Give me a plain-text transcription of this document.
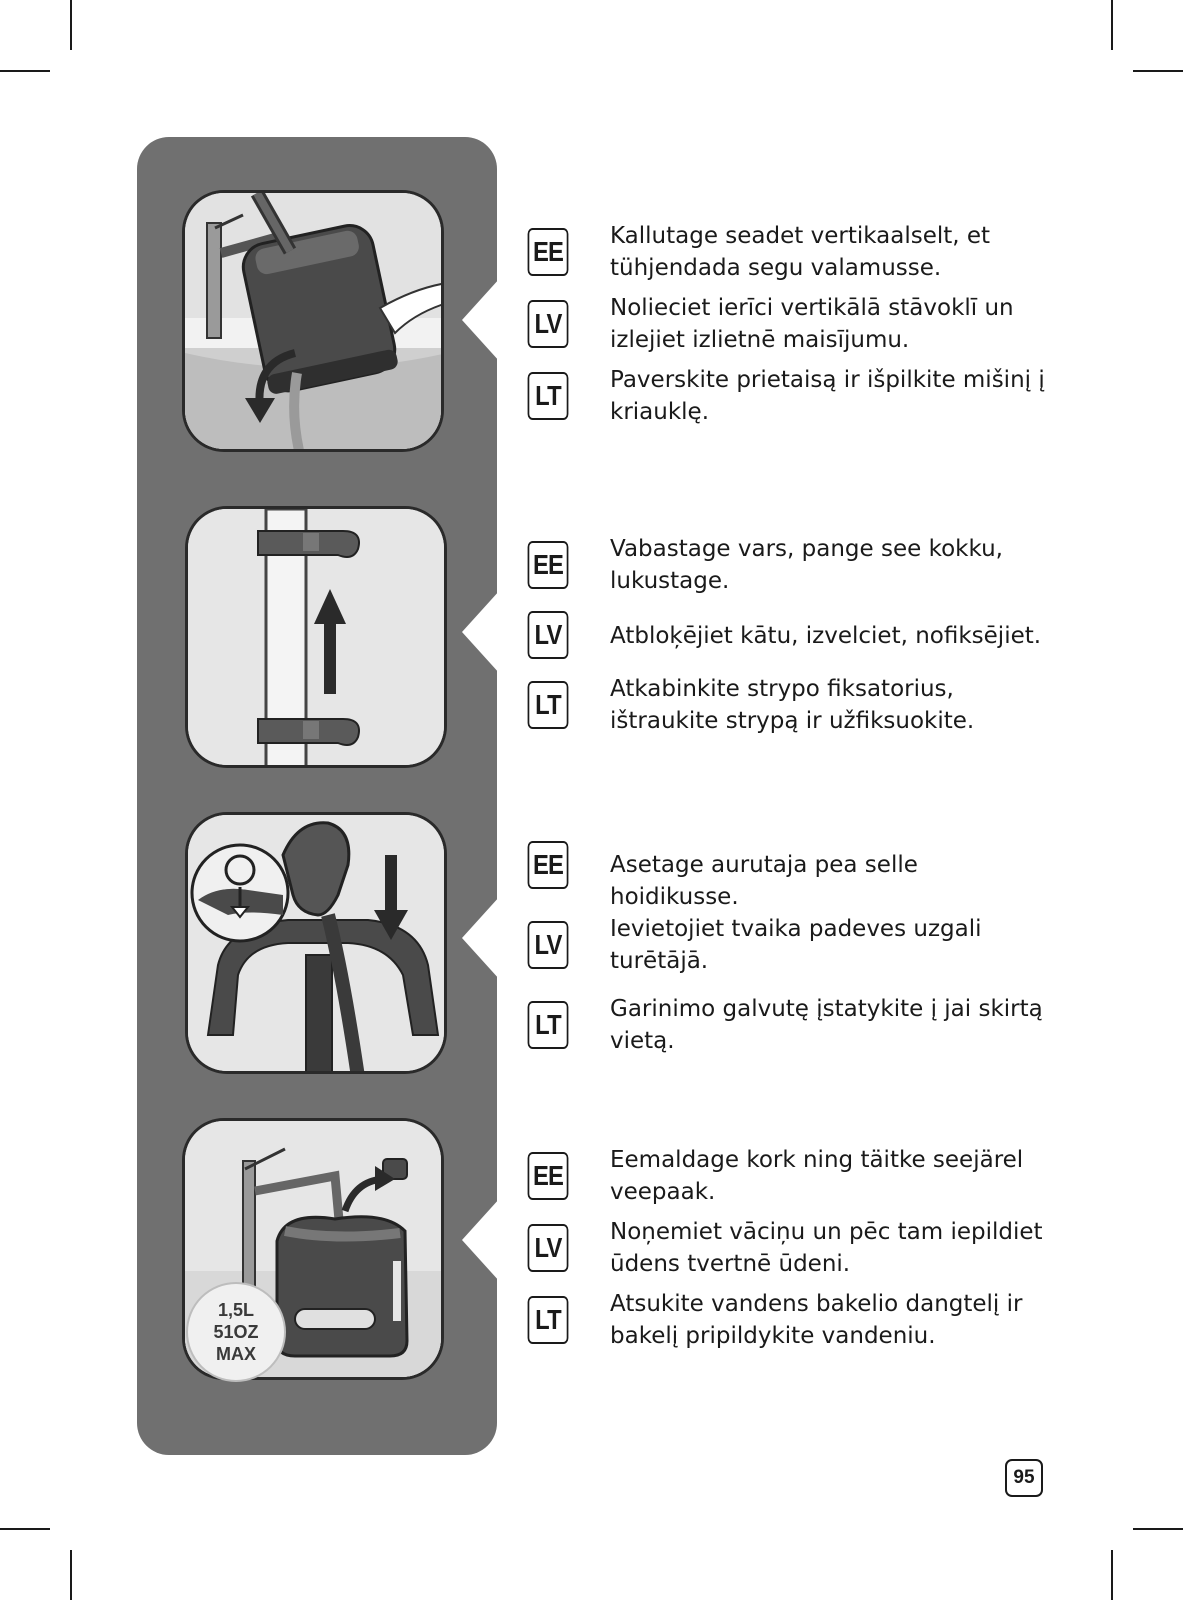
1,5L
51OZ
MAX
EE Kallutage seadet vertikaalselt, et tühjendada segu valamusse.
LV	Nolieciet ierīci vertikālā stāvoklī un izlejiet izlietnē maisījumu.
LT	Paverskite prietaisą ir išpilkite mišinį į kriauklę.
EE Vabastage vars, pange see kokku, lukustage.
LV	Atbloķējiet kātu, izvelciet, nofiksējiet.
LT	Atkabinkite strypo fiksatorius, ištraukite strypą ir užfiksuokite.
EE Asetage aurutaja pea selle hoidikusse.
LV	Ievietojiet tvaika padeves uzgali turētājā.
LT	Garinimo galvutę įstatykite į jai skirtą vietą.
EE Eemaldage kork ning täitke seejärel veepaak.
LV	Noņemiet vāciņu un pēc tam iepildiet ūdens tvertnē ūdeni.
LT	Atsukite vandens bakelio dangtelį ir bakelį pripildykite vandeniu.
95
